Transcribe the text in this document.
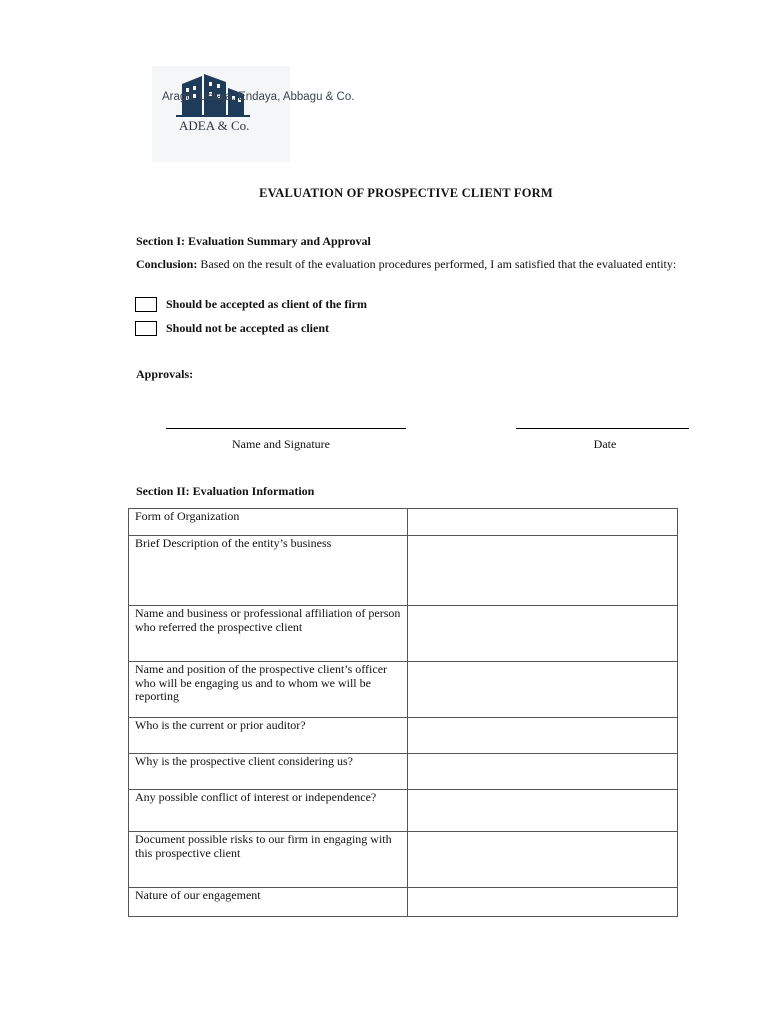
Arago, Ustaja, Endaya, Abbagu & Co.
ADEA & Co.
EVALUATION OF PROSPECTIVE CLIENT FORM
Section I: Evaluation Summary and Approval
Conclusion: Based on the result of the evaluation procedures performed, I am satisfied that the evaluated entity:
Should be accepted as client of the firm
Should not be accepted as client
Approvals:
Name and Signature	Date
Section II: Evaluation Information
Form of Organization	
Brief Description of the entity’s business	
Name and business or professional affiliation of person who referred the prospective client	
Name and position of the prospective client’s officer who will be engaging us and to whom we will be reporting	
Who is the current or prior auditor?	
Why is the prospective client considering us?	
Any possible conflict of interest or independence?	
Document possible risks to our firm in engaging with this prospective client	
Nature of our engagement	
